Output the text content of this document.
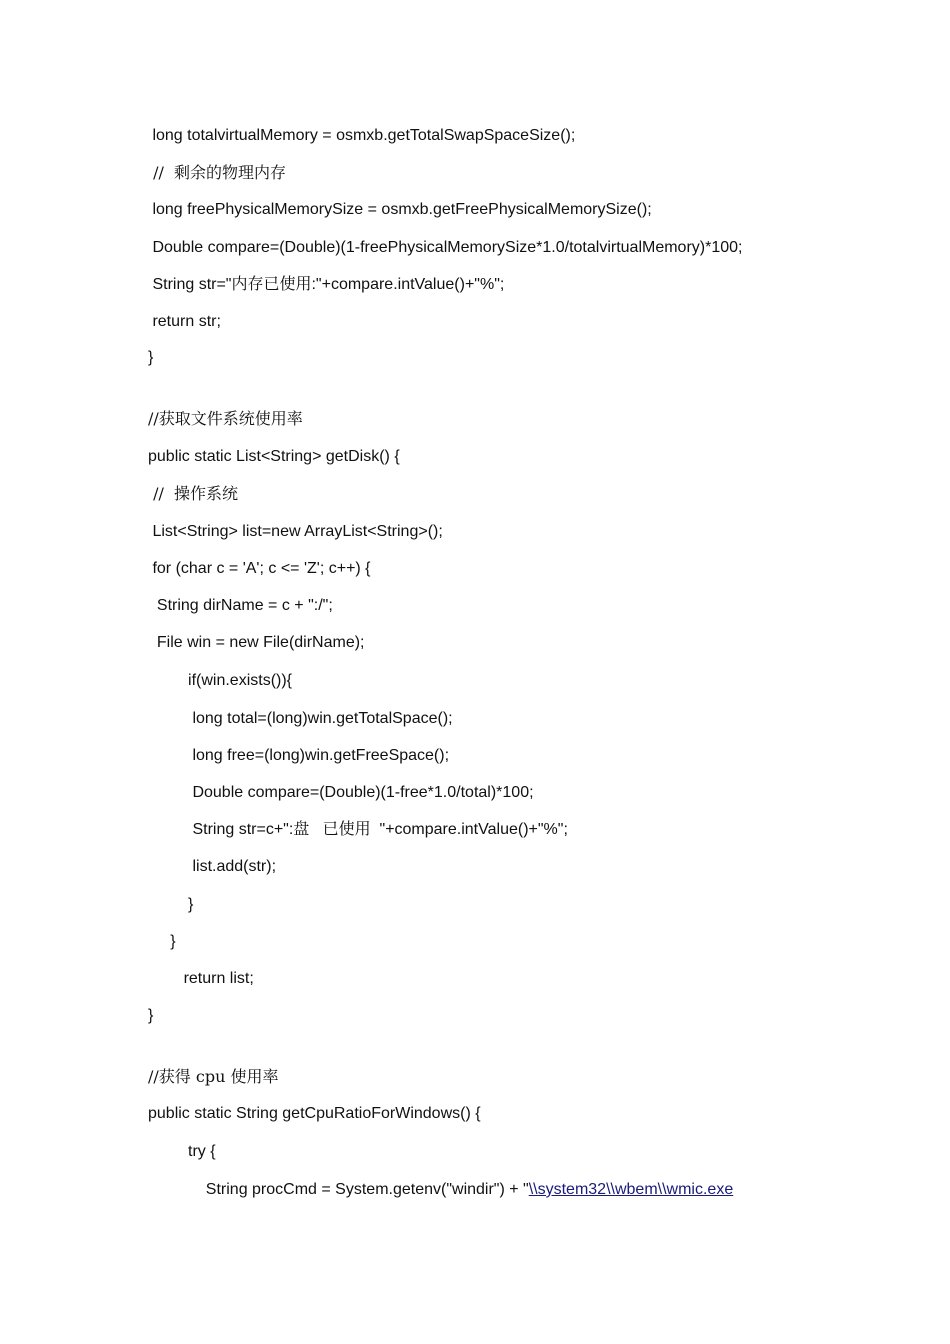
long totalvirtualMemory = osmxb.getTotalSwapSpaceSize();
//  剩余的物理内存
long freePhysicalMemorySize = osmxb.getFreePhysicalMemorySize();
Double compare=(Double)(1-freePhysicalMemorySize*1.0/totalvirtualMemory)*100;
String str="内存已使用:"+compare.intValue()+"%";
return str;
}
//获取文件系统使用率
public static List<String> getDisk() {
//  操作系统
List<String> list=new ArrayList<String>();
for (char c = 'A'; c <= 'Z'; c++) {
String dirName = c + ":/";
File win = new File(dirName);
if(win.exists()){
long total=(long)win.getTotalSpace();
long free=(long)win.getFreeSpace();
Double compare=(Double)(1-free*1.0/total)*100;
String str=c+":盘   已使用  "+compare.intValue()+"%";
list.add(str);
}
}
return list;
}
//获得 cpu 使用率
public static String getCpuRatioForWindows() {
try {
String procCmd = System.getenv("windir") + "\\system32\\wbem\\wmic.exe
